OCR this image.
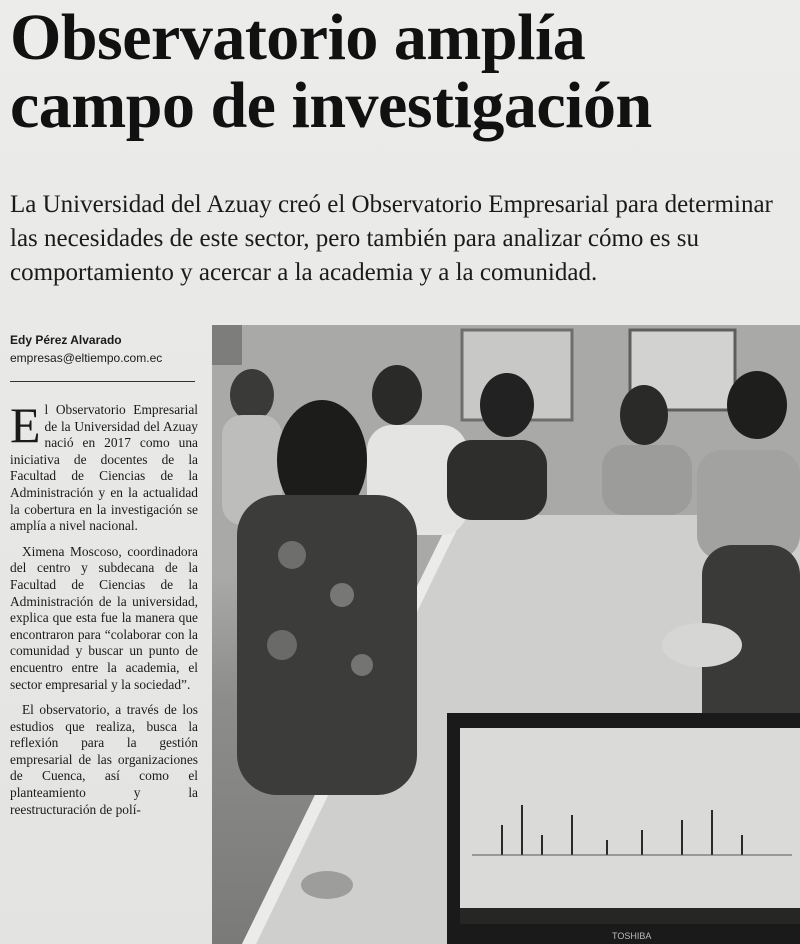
Observatorio amplía
campo de investigación

La Universidad del Azuay creó el Observatorio Empresarial para determinar las necesidades de este sector, pero también para analizar cómo es su comportamiento y acercar a la academia y a la comunidad.

Edy Pérez Alvarado
empresas@eltiempo.com.ec

El Observatorio Empresarial de la Universidad del Azuay nació en 2017 como una iniciativa de docentes de la Facultad de Ciencias de la Administración y en la actualidad la cobertura en la investigación se amplía a nivel nacional.

Ximena Moscoso, coordinadora del centro y subdecana de la Facultad de Ciencias de la Administración de la universidad, explica que esta fue la manera que encontraron para “colaborar con la comunidad y buscar un punto de encuentro entre la academia, el sector empresarial y la sociedad”.

El observatorio, a través de los estudios que realiza, busca la reflexión para la gestión empresarial de las organizaciones de Cuenca, así como el planteamiento y la reestructuración de polí-

TOSHIBA
